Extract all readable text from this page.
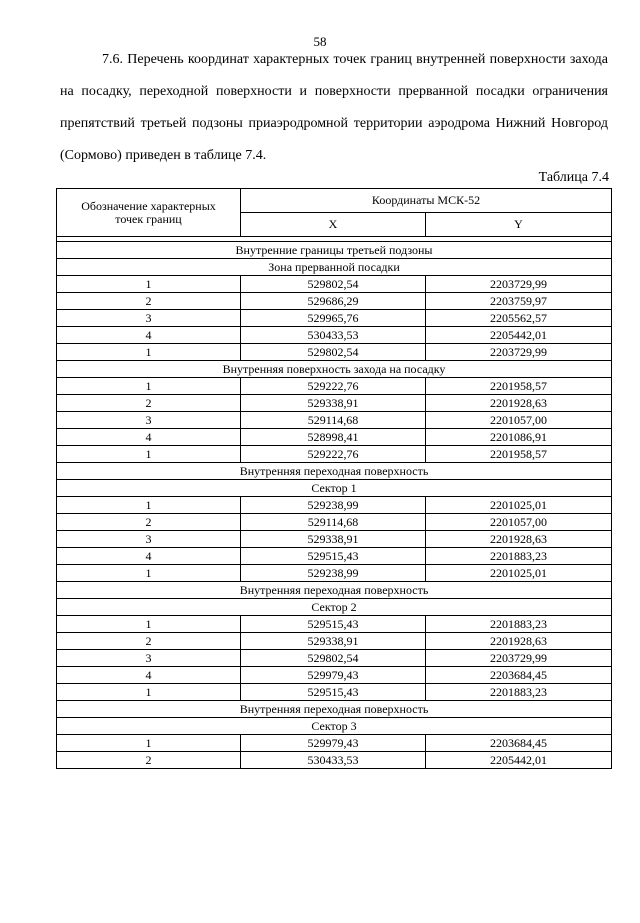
58

7.6. Перечень координат характерных точек границ внутренней поверхности захода на посадку, переходной поверхности и поверхности прерванной посадки ограничения препятствий третьей подзоны приаэродромной территории аэродрома Нижний Новгород (Сормово) приведен в таблице 7.4.

Таблица 7.4
Обозначение характерных точек границ	Координаты МСК-52	
	X	Y

Внутренние границы третьей подзоны		
Зона прерванной посадки		
1	529802,54	2203729,99
2	529686,29	2203759,97
3	529965,76	2205562,57
4	530433,53	2205442,01
1	529802,54	2203729,99
Внутренняя поверхность захода на посадку		
1	529222,76	2201958,57
2	529338,91	2201928,63
3	529114,68	2201057,00
4	528998,41	2201086,91
1	529222,76	2201958,57
Внутренняя переходная поверхность		
Сектор 1		
1	529238,99	2201025,01
2	529114,68	2201057,00
3	529338,91	2201928,63
4	529515,43	2201883,23
1	529238,99	2201025,01
Внутренняя переходная поверхность		
Сектор 2		
1	529515,43	2201883,23
2	529338,91	2201928,63
3	529802,54	2203729,99
4	529979,43	2203684,45
1	529515,43	2201883,23
Внутренняя переходная поверхность		
Сектор 3		
1	529979,43	2203684,45
2	530433,53	2205442,01
